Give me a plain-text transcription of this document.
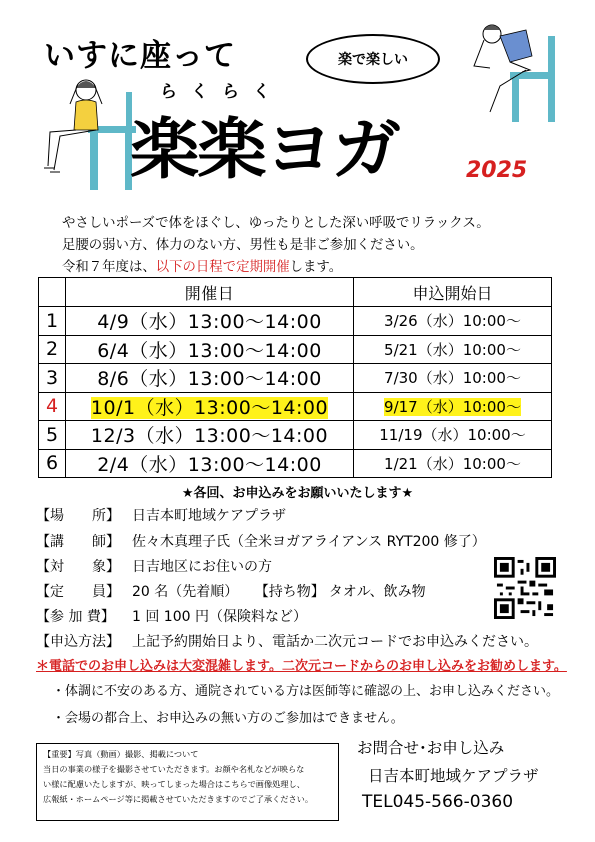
いすに座って	楽で楽しい
らくらく
楽楽ヨガ	2025
やさしいポーズで体をほぐし、ゆったりとした深い呼吸でリラックス。
足腰の弱い方、体力のない方、男性も是非ご参加ください。
令和７年度は、以下の日程で定期開催します。
	開催日	申込開始日
1	4/9（水）13:00～14:00	3/26（水）10:00～
2	6/4（水）13:00～14:00	5/21（水）10:00～
3	8/6（水）13:00～14:00	7/30（水）10:00～
4	10/1（水）13:00～14:00	9/17（水）10:00～
5	12/3（水）13:00～14:00	11/19（水）10:00～
6	2/4（水）13:00～14:00	1/21（水）10:00～
★各回、お申込みをお願いいたします★
【場　　所】 日吉本町地域ケアプラザ
【講　　師】 佐々木真理子氏（全米ヨガアライアンス RYT200 修了）
【対　　象】 日吉地区にお住いの方
【定　　員】 20 名（先着順） 【持ち物】 タオル、飲み物
【参 加 費】 1 回 100 円（保険料など）
【申込方法】 上記予約開始日より、電話か二次元コードでお申込みください。
＊電話でのお申し込みは大変混雑します。二次元コードからのお申し込みをお勧めします。
・体調に不安のある方、通院されている方は医師等に確認の上、お申し込みください。
・会場の都合上、お申込みの無い方のご参加はできません。
【重要】写真（動画）撮影、掲載について
当日の事業の様子を撮影させていただきます。お顔や名札などが映らな
い様に配慮いたしますが、映ってしまった場合はこちらで画像処理し、
広報紙・ホームページ等に掲載させていただきますのでご了承ください。
お問合せ･お申し込み
日吉本町地域ケアプラザ
TEL045-566-0360
